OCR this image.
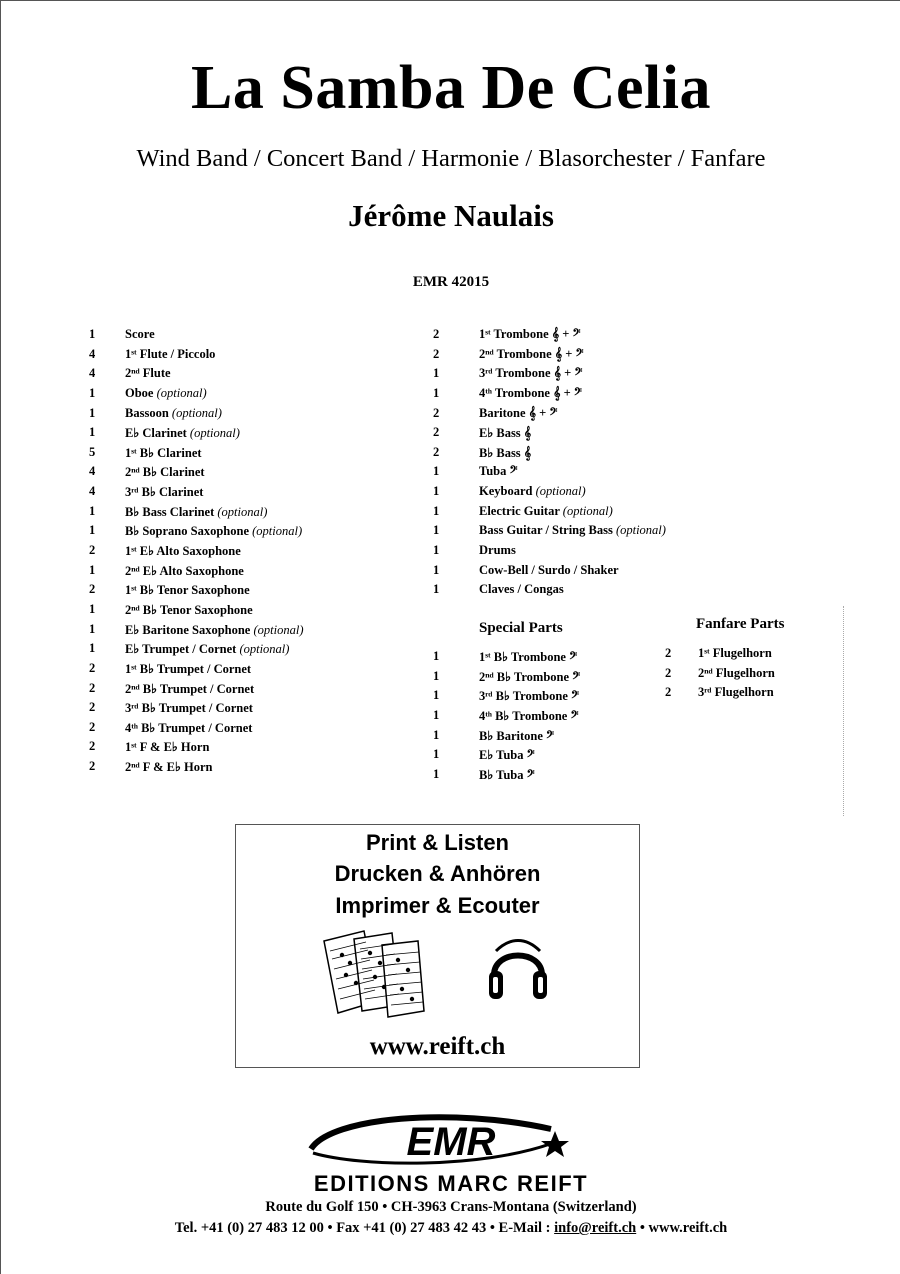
La Samba De Celia
Wind Band / Concert Band / Harmonie / Blasorchester / Fanfare
Jérôme Naulais
EMR 42015
1 Score
4 1ˢᵗ Flute / Piccolo
4 2ⁿᵈ Flute
1 Oboe (optional)
1 Bassoon (optional)
1 E♭ Clarinet (optional)
5 1ˢᵗ B♭ Clarinet
4 2ⁿᵈ B♭ Clarinet
4 3ʳᵈ B♭ Clarinet
1 B♭ Bass Clarinet (optional)
1 B♭ Soprano Saxophone (optional)
2 1ˢᵗ E♭ Alto Saxophone
1 2ⁿᵈ E♭ Alto Saxophone
2 1ˢᵗ B♭ Tenor Saxophone
1 2ⁿᵈ B♭ Tenor Saxophone
1 E♭ Baritone Saxophone (optional)
1 E♭ Trumpet / Cornet (optional)
2 1ˢᵗ B♭ Trumpet / Cornet
2 2ⁿᵈ B♭ Trumpet / Cornet
2 3ʳᵈ B♭ Trumpet / Cornet
2 4ᵗʰ B♭ Trumpet / Cornet
2 1ˢᵗ F & E♭ Horn
2 2ⁿᵈ F & E♭ Horn
2	1ˢᵗ Trombone 𝄞 + 𝄢
2	2ⁿᵈ Trombone 𝄞 + 𝄢
1	3ʳᵈ Trombone 𝄞 + 𝄢
1	4ᵗʰ Trombone 𝄞 + 𝄢
2	Baritone 𝄞 + 𝄢
2	E♭ Bass 𝄞
2	B♭ Bass 𝄞
1	Tuba 𝄢
1	Keyboard (optional)
1	Electric Guitar (optional)
1	Bass Guitar / String Bass (optional)
1	Drums
1	Cow-Bell / Surdo / Shaker
1	Claves / Congas
Special Parts
1	1ˢᵗ B♭ Trombone 𝄢
1	2ⁿᵈ B♭ Trombone 𝄢
1	3ʳᵈ B♭ Trombone 𝄢
1	4ᵗʰ B♭ Trombone 𝄢
1	B♭ Baritone 𝄢
1	E♭ Tuba 𝄢
1	B♭ Tuba 𝄢
Fanfare Parts
2 1ˢᵗ Flugelhorn
2 2ⁿᵈ Flugelhorn
2 3ʳᵈ Flugelhorn
Print & Listen
Drucken & Anhören
Imprimer & Ecouter
www.reift.ch
EMR
EDITIONS MARC REIFT
Route du Golf 150 • CH-3963 Crans-Montana (Switzerland)
Tel. +41 (0) 27 483 12 00 • Fax +41 (0) 27 483 42 43 • E-Mail : info@reift.ch • www.reift.ch
